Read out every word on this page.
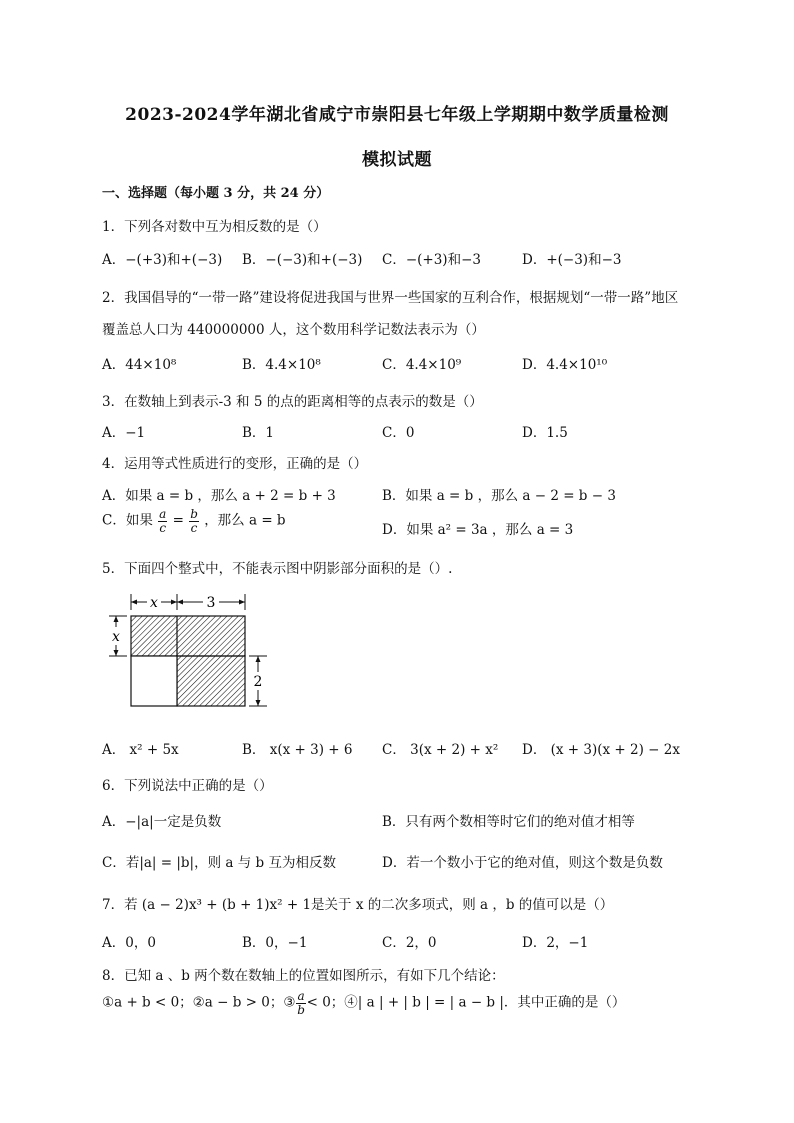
2023-2024学年湖北省咸宁市崇阳县七年级上学期期中数学质量检测
模拟试题
一、选择题（每小题 3 分，共 24 分）
1．下列各对数中互为相反数的是（）
A．−(+3)和+(−3) B．−(−3)和+(−3) C．−(+3)和−3	D．+(−3)和−3
2．我国倡导的“一带一路”建设将促进我国与世界一些国家的互利合作，根据规划“一带一路”地区
覆盖总人口为 440000000 人，这个数用科学记数法表示为（）
A．44×10⁸	B．4.4×10⁸	C．4.4×10⁹	D．4.4×10¹⁰
3．在数轴上到表示-3 和 5 的点的距离相等的点表示的数是（）
A．−1	B．1	C．0	D．1.5
4．运用等式性质进行的变形，正确的是（）
A．如果 a = b ，那么 a + 2 = b + 3	B．如果 a = b ，那么 a − 2 = b − 3
C．如果 $\frac{a}{c} = \frac{b}{c}$ ，那么 a = b
D．如果 a² = 3a ，那么 a = 3
5．下面四个整式中，不能表示图中阴影部分面积的是（）.
x	3
x
2
A． x² + 5x	B． x(x + 3) + 6 C． 3(x + 2) + x² D． (x + 3)(x + 2) − 2x
6．下列说法中正确的是（）
A．−|a|一定是负数	B．只有两个数相等时它们的绝对值才相等
C．若|a| = |b|，则 a 与 b 互为相反数	D．若一个数小于它的绝对值，则这个数是负数
7．若 (a − 2)x³ + (b + 1)x² + 1是关于 x 的二次多项式，则 a ，b 的值可以是（）
A．0，0	B．0，−1	C．2，0	D．2，−1
8．已知 a 、b 两个数在数轴上的位置如图所示，有如下几个结论：
①a + b < 0；②a − b > 0；③ $\frac{a}{b} < 0$；④| a | + | b | = | a − b |．其中正确的是（）
